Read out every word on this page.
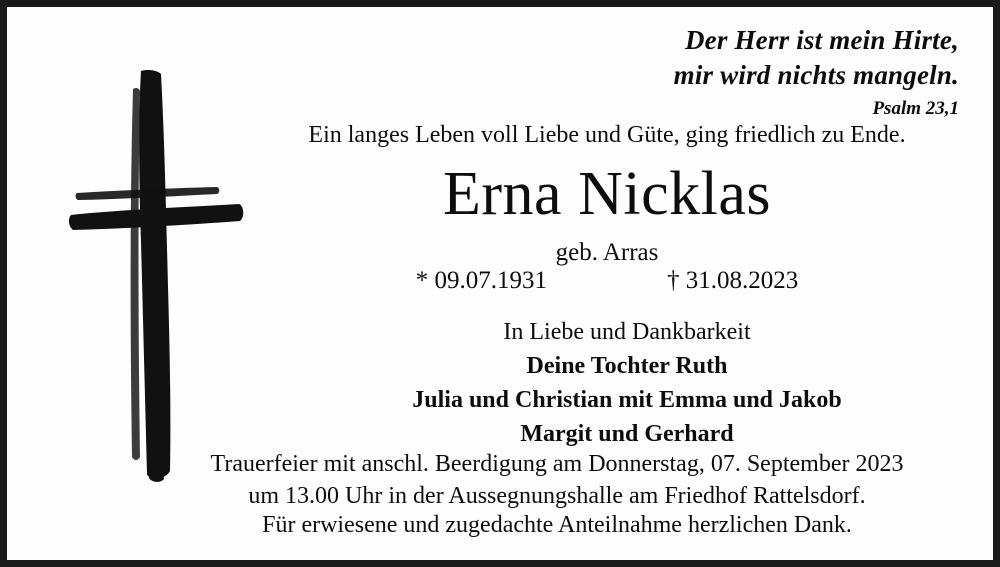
Der Herr ist mein Hirte,
mir wird nichts mangeln.
Psalm 23,1
Ein langes Leben voll Liebe und Güte, ging friedlich zu Ende.
Erna Nicklas
geb. Arras
* 09.07.1931	† 31.08.2023
In Liebe und Dankbarkeit
Deine Tochter Ruth
Julia und Christian mit Emma und Jakob
Margit und Gerhard
Trauerfeier mit anschl. Beerdigung am Donnerstag, 07. September 2023
um 13.00 Uhr in der Aussegnungshalle am Friedhof Rattelsdorf.
Für erwiesene und zugedachte Anteilnahme herzlichen Dank.
